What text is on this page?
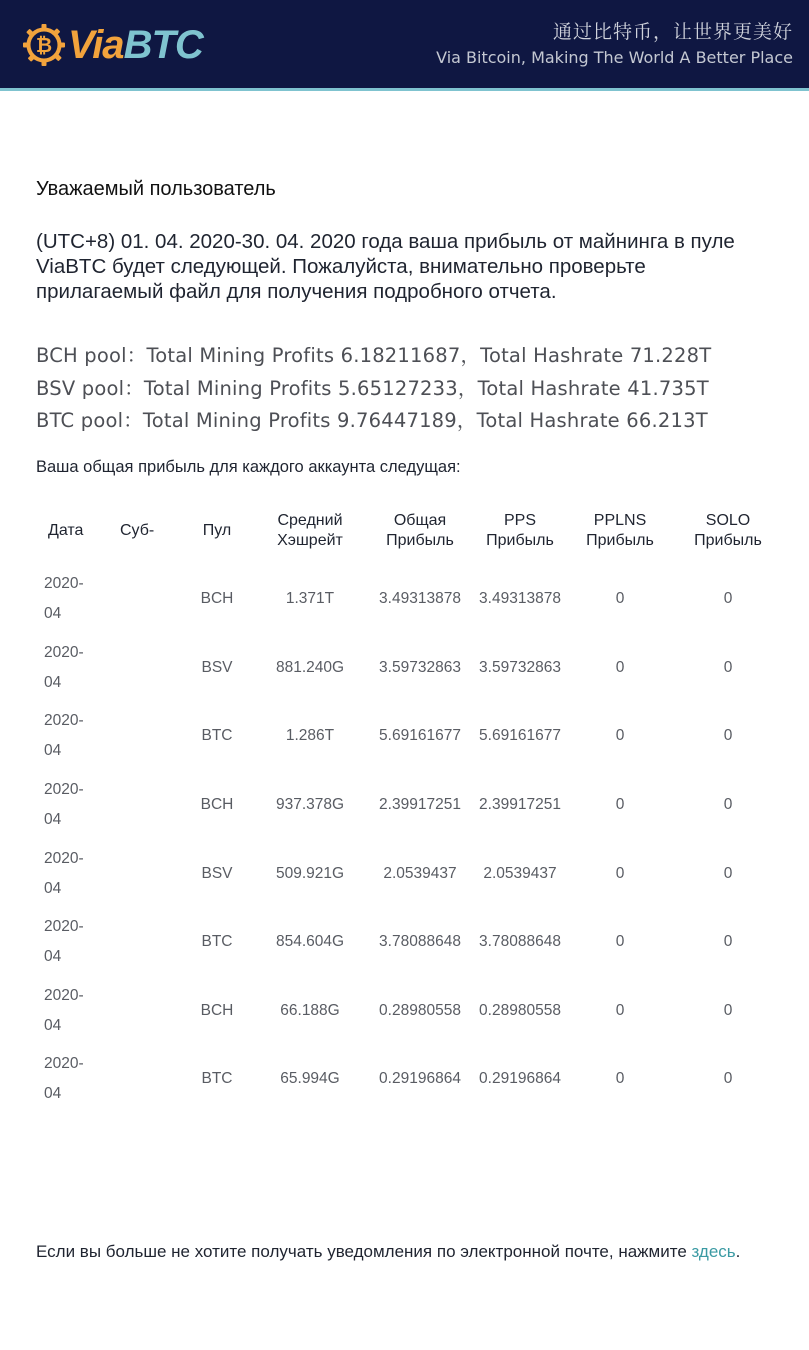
₿ ViaBTC	通过比特币，让世界更美好
Via Bitcoin, Making The World A Better Place
Уважаемый пользователь
(UTC+8) 01. 04. 2020-30. 04. 2020 года ваша прибыль от майнинга в пуле ViaBTC будет следующей. Пожалуйста, внимательно проверьте прилагаемый файл для получения подробного отчета.
BCH pool：Total Mining Profits 6.18211687，Total Hashrate 71.228T
BSV pool：Total Mining Profits 5.65127233，Total Hashrate 41.735T
BTC pool：Total Mining Profits 9.76447189，Total Hashrate 66.213T
Ваша общая прибыль для каждого аккаунта следущая:
Дата	Суб-	Пул	Средний Хэшрейт	Общая Прибыль	PPS Прибыль	PPLNS Прибыль	SOLO Прибыль
2020-
04		BCH	1.371T	3.49313878	3.49313878	0	0
2020-
04		BSV	881.240G	3.59732863	3.59732863	0	0
2020-
04		BTC	1.286T	5.69161677	5.69161677	0	0
2020-
04		BCH	937.378G	2.39917251	2.39917251	0	0
2020-
04		BSV	509.921G	2.0539437	2.0539437	0	0
2020-
04		BTC	854.604G	3.78088648	3.78088648	0	0
2020-
04		BCH	66.188G	0.28980558	0.28980558	0	0
2020-
04		BTC	65.994G	0.29196864	0.29196864	0	0
Если вы больше не хотите получать уведомления по электронной почте, нажмите здесь.
